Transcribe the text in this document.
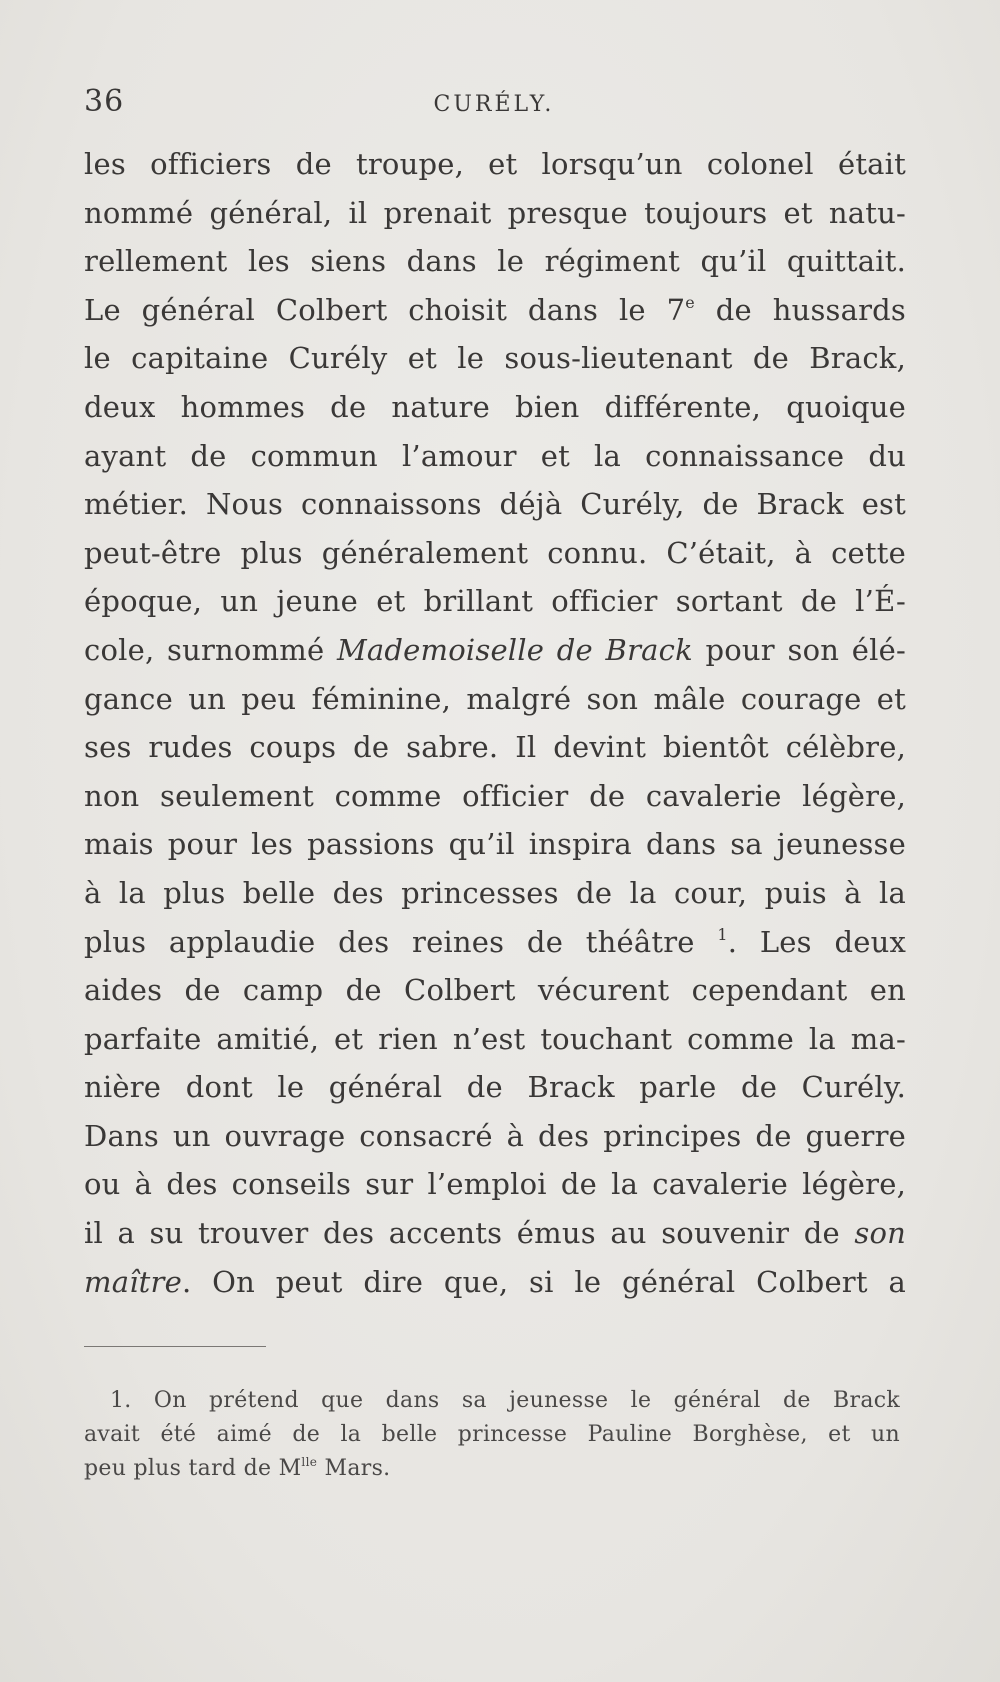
36	CURÉLY.
les officiers de troupe, et lorsqu’un colonel était
nommé général, il prenait presque toujours et natu-
rellement les siens dans le régiment qu’il quittait.
Le général Colbert choisit dans le 7e de hussards
le capitaine Curély et le sous-lieutenant de Brack,
deux hommes de nature bien différente, quoique
ayant de commun l’amour et la connaissance du
métier. Nous connaissons déjà Curély, de Brack est
peut-être plus généralement connu. C’était, à cette
époque, un jeune et brillant officier sortant de l’É-
cole, surnommé Mademoiselle de Brack pour son élé-
gance un peu féminine, malgré son mâle courage et
ses rudes coups de sabre. Il devint bientôt célèbre,
non seulement comme officier de cavalerie légère,
mais pour les passions qu’il inspira dans sa jeunesse
à la plus belle des princesses de la cour, puis à la
plus applaudie des reines de théâtre $^1$. Les deux
aides de camp de Colbert vécurent cependant en
parfaite amitié, et rien n’est touchant comme la ma-
nière dont le général de Brack parle de Curély.
Dans un ouvrage consacré à des principes de guerre
ou à des conseils sur l’emploi de la cavalerie légère,
il a su trouver des accents émus au souvenir de son
maître. On peut dire que, si le général Colbert a
1. On prétend que dans sa jeunesse le général de Brack
avait été aimé de la belle princesse Pauline Borghèse, et un
peu plus tard de $M^{lle}$ Mars.
